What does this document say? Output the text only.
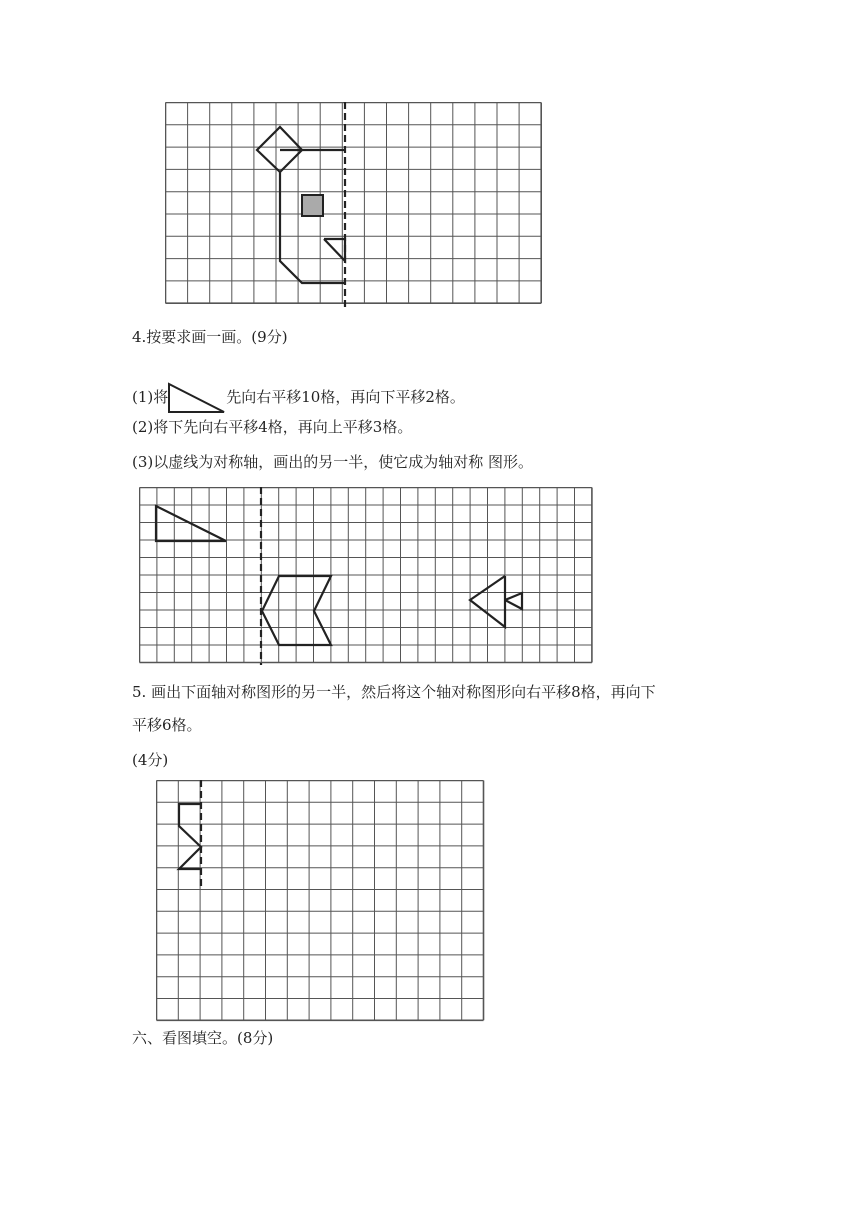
4.按要求画一画。(9分)
(1)将	先向右平移10格，再向下平移2格。
(2)将下先向右平移4格，再向上平移3格。
(3)以虚线为对称轴，画出的另一半，使它成为轴对称 图形。
5. 画出下面轴对称图形的另一半，然后将这个轴对称图形向右平移8格，再向下
平移6格。
(4分)
六、看图填空。(8分)
